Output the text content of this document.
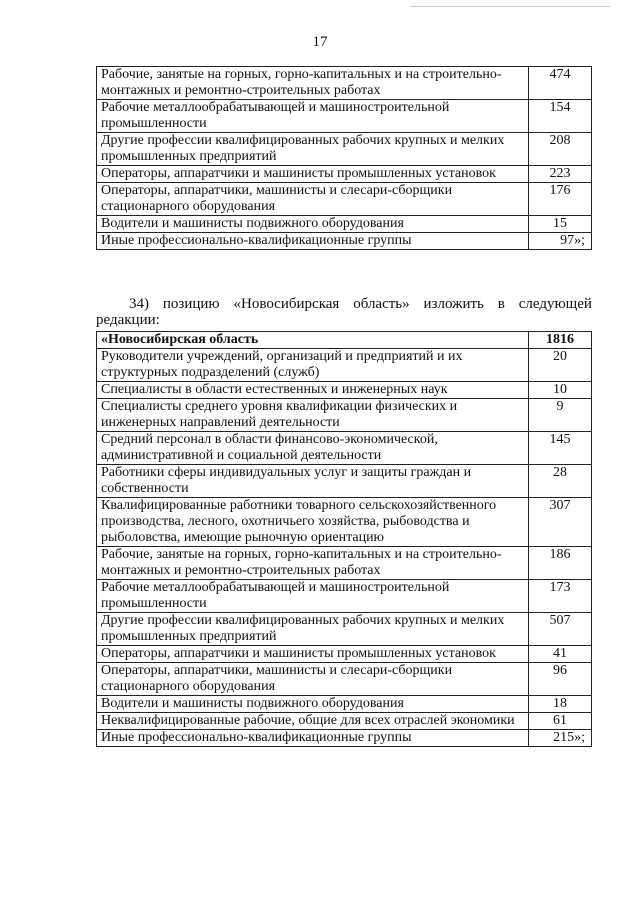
17
Рабочие, занятые на горных, горно-капитальных и на строительно-монтажных и ремонтно-строительных работах	474
Рабочие металлообрабатывающей и машиностроительной промышленности	154
Другие профессии квалифицированных рабочих крупных и мелких промышленных предприятий	208
Операторы, аппаратчики и машинисты промышленных установок	223
Операторы, аппаратчики, машинисты и слесари-сборщики стационарного оборудования	176
Водители и машинисты подвижного оборудования	15
Иные профессионально-квалификационные группы	97»;
34) позицию «Новосибирская область» изложить в следующей
редакции:
«Новосибирская область	1816
Руководители учреждений, организаций и предприятий и их структурных подразделений (служб)	20
Специалисты в области естественных и инженерных наук	10
Специалисты среднего уровня квалификации физических и инженерных направлений деятельности	9
Средний персонал в области финансово-экономической, административной и социальной деятельности	145
Работники сферы индивидуальных услуг и защиты граждан и собственности	28
Квалифицированные работники товарного сельскохозяйственного производства, лесного, охотничьего хозяйства, рыбоводства и рыболовства, имеющие рыночную ориентацию	307
Рабочие, занятые на горных, горно-капитальных и на строительно-монтажных и ремонтно-строительных работах	186
Рабочие металлообрабатывающей и машиностроительной промышленности	173
Другие профессии квалифицированных рабочих крупных и мелких промышленных предприятий	507
Операторы, аппаратчики и машинисты промышленных установок	41
Операторы, аппаратчики, машинисты и слесари-сборщики стационарного оборудования	96
Водители и машинисты подвижного оборудования	18
Неквалифицированные рабочие, общие для всех отраслей экономики	61
Иные профессионально-квалификационные группы	215»;
